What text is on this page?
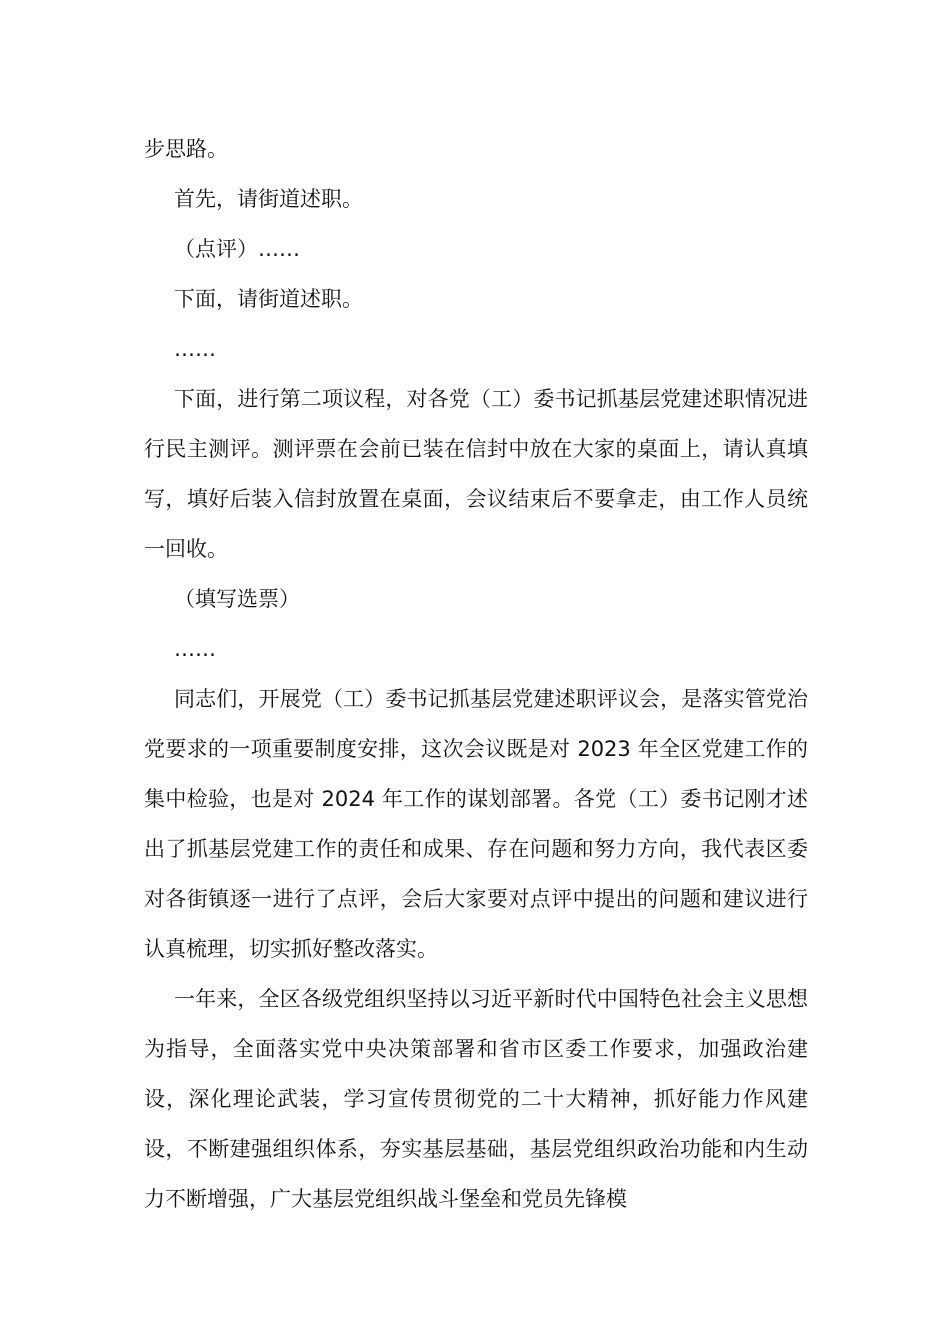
步思路。

首先，请街道述职。

（点评）……

下面，请街道述职。

……

下面，进行第二项议程，对各党（工）委书记抓基层党建述职情况进行民主测评。测评票在会前已装在信封中放在大家的桌面上，请认真填写，填好后装入信封放置在桌面，会议结束后不要拿走，由工作人员统一回收。

（填写选票）

……

同志们，开展党（工）委书记抓基层党建述职评议会，是落实管党治党要求的一项重要制度安排，这次会议既是对 2023 年全区党建工作的集中检验，也是对 2024 年工作的谋划部署。各党（工）委书记刚才述出了抓基层党建工作的责任和成果、存在问题和努力方向，我代表区委对各街镇逐一进行了点评，会后大家要对点评中提出的问题和建议进行认真梳理，切实抓好整改落实。

一年来，全区各级党组织坚持以习近平新时代中国特色社会主义思想为指导，全面落实党中央决策部署和省市区委工作要求，加强政治建设，深化理论武装，学习宣传贯彻党的二十大精神，抓好能力作风建设，不断建强组织体系，夯实基层基础，基层党组织政治功能和内生动力不断增强，广大基层党组织战斗堡垒和党员先锋模
